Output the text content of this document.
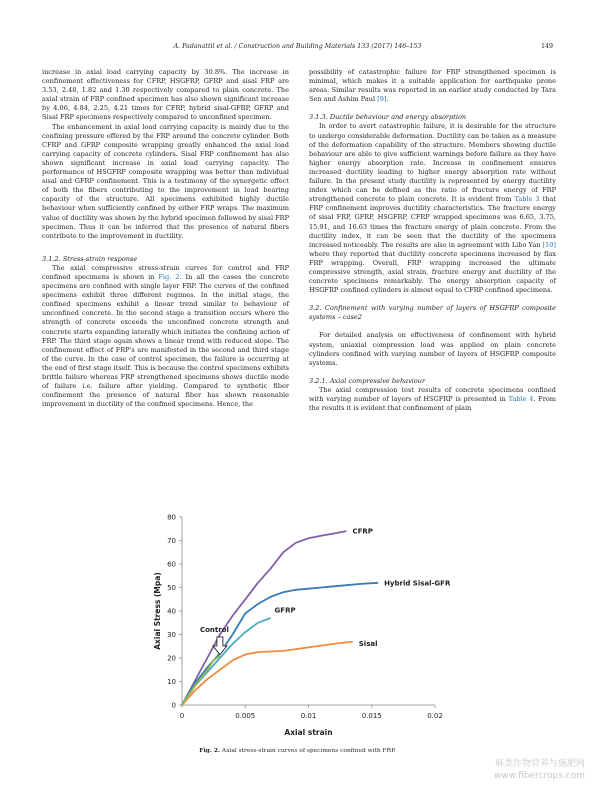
A. Padanattil et al. / Construction and Building Materials 133 (2017) 146–153	149

increase in axial load carrying capacity by 30.8%. The increase in confinement effectiveness for CFRP, HSGFRP, GFRP and sisal FRP are 3.53, 2.48, 1.82 and 1.30 respectively compared to plain concrete. The axial strain of FRP confined specimen has also shown significant increase by 4.06, 4.84, 2.25, 4.21 times for CFRP, hybrid sisal-GFRP, GFRP and Sisal FRP specimens respectively compared to unconfined specimen.

The enhancement in axial load carrying capacity is mainly due to the confining pressure offered by the FRP around the concrete cylinder. Both CFRP and GFRP composite wrapping greatly enhanced the axial load carrying capacity of concrete cylinders. Sisal FRP confinement has also shown significant increase in axial load carrying capacity. The performance of HSGFRP composite wrapping was better than individual sisal and GFRP confinement. This is a testimony of the synergetic effect of both the fibers contributing to the improvement in load bearing capacity of the structure. All specimens exhibited highly ductile behaviour when sufficiently confined by either FRP wraps. The maximum value of ductility was shown by the hybrid specimen followed by sisal FRP specimen. Thus it can be inferred that the presence of natural fibers contribute to the improvement in ductility.

3.1.2. Stress-strain response

The axial compressive stress-strain curves for control and FRP confined specimens is shown in Fig. 2. In all the cases the concrete specimens are confined with single layer FRP. The curves of the confined specimens exhibit three different regimes. In the initial stage, the confined specimens exhibit a linear trend similar to behaviour of unconfined concrete. In the second stage a transition occurs where the strength of concrete exceeds the unconfined concrete strength and concrete starts expanding laterally which initiates the confining action of FRP. The third stage again shows a linear trend with reduced slope. The confinement effect of FRP's are manifested in the second and third stage of the curve. In the case of control specimen, the failure is occurring at the end of first stage itself. This is because the control specimens exhibits brittle failure whereas FRP strengthened specimens shows ductile mode of failure i.e. failure after yielding. Compared to synthetic fiber confinement the presence of natural fiber has shown reasonable improvement in ductility of the confined specimens. Hence, the

possibility of catastrophic failure for FRP strengthened specimen is minimal, which makes it a suitable application for earthquake prone areas. Similar results was reported in an earlier study conducted by Tara Sen and Ashim Paul [9].

3.1.3. Ductile behaviour and energy absorption

In order to avert catastrophic failure, it is desirable for the structure to undergo considerable deformation. Ductility can be taken as a measure of the deformation capability of the structure. Members showing ductile behaviour are able to give sufficient warnings before failure as they have higher energy absorption rate. Increase in confinement ensures increased ductility leading to higher energy absorption rate without failure. In the present study ductility is represented by energy ductility index which can be defined as the ratio of fracture energy of FRP strengthened concrete to plain concrete. It is evident from Table 3 that FRP confinement improves ductility characteristics. The fracture energy of sisal FRP, GFRP, HSGFRP, CFRP wrapped specimens was 6.65, 3.75, 15.91, and 16.63 times the fracture energy of plain concrete. From the ductility index, it can be seen that the ductility of the specimens increased noticeably. The results are also in agreement with Libo Yan [10] where they reported that ductility concrete specimens increased by flax FRP wrapping. Overall, FRP wrapping increased the ultimate compressive strength, axial strain, fracture energy and ductility of the concrete specimens remarkably. The energy absorption capacity of HSGFRP confined cylinders is almost equal to CFRP confined specimens.

3.2. Confinement with varying number of layers of HSGFRP composite systems – case2

For detailed analysis on effectiveness of confinement with hybrid system, uniaxial compression load was applied on plain concrete cylinders confined with varying number of layers of HSGFRP composite systems.

3.2.1. Axial compressive behaviour

The axial compression test results of concrete specimens confined with varying number of layers of HSGFRP is presented in Table 4. From the results it is evident that confinement of plain

0
10
20
30
40
50
60
70
80
0	0.005	0.01	0.015	0.02
Axial strain
Axial Stress (Mpa)
CFRP
Hybrid Sisal-GFRP
GFRP
Sisal
Control
Fig. 2. Axial stress-strain curves of specimens confined with FRP.
麻类作物营养与施肥网
www.fibercrops.com
